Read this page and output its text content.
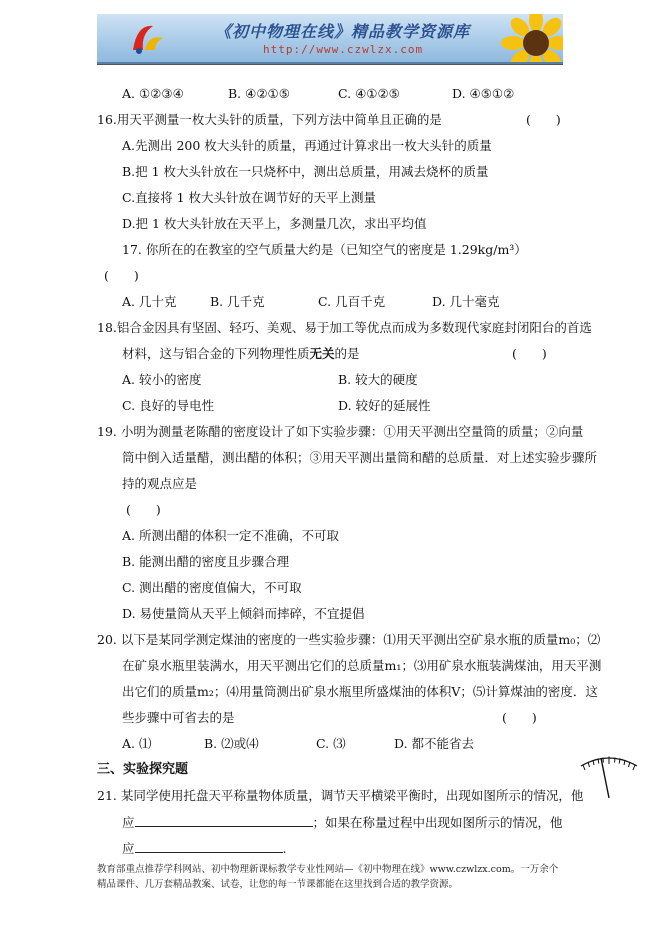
《初中物理在线》精品教学资源库
http://www.czwlzx.com
A. ①②③④	B. ④②①⑤	C. ④①②⑤	D. ④⑤①②
16.用天平测量一枚大头针的质量，下列方法中简单且正确的是	(　　)
A.先测出 200 枚大头针的质量，再通过计算求出一枚大头针的质量
B.把 1 枚大头针放在一只烧杯中，测出总质量，用减去烧杯的质量
C.直接将 1 枚大头针放在调节好的天平上测量
D.把 1 枚大头针放在天平上，多测量几次，求出平均值
17. 你所在的在教室的空气质量大约是（已知空气的密度是 1.29kg/m³）
(　　)
A. 几十克	B. 几千克	C. 几百千克	D. 几十毫克
18.铝合金因具有坚固、轻巧、美观、易于加工等优点而成为多数现代家庭封闭阳台的首选
材料，这与铝合金的下列物理性质无关的是	(　　)
A. 较小的密度	B. 较大的硬度
C. 良好的导电性	D. 较好的延展性
19. 小明为测量老陈醋的密度设计了如下实验步骤：①用天平测出空量筒的质量；②向量
筒中倒入适量醋，测出醋的体积；③用天平测出量筒和醋的总质量．对上述实验步骤所
持的观点应是
(　　)
A. 所测出醋的体积一定不准确，不可取
B. 能测出醋的密度且步骤合理
C. 测出醋的密度值偏大，不可取
D. 易使量筒从天平上倾斜而摔碎，不宜提倡
20. 以下是某同学测定煤油的密度的一些实验步骤：⑴用天平测出空矿泉水瓶的质量m₀；⑵
在矿泉水瓶里装满水，用天平测出它们的总质量m₁；⑶用矿泉水瓶装满煤油，用天平测
出它们的质量m₂；⑷用量筒测出矿泉水瓶里所盛煤油的体积V；⑸计算煤油的密度．这
些步骤中可省去的是	(　　)
A. ⑴	B. ⑵或⑷	C. ⑶	D. 都不能省去
三、实验探究题
21. 某同学使用托盘天平称量物体质量，调节天平横梁平衡时，出现如图所示的情况，他
应	；如果在称量过程中出现如图所示的情况，他
应	.
教育部重点推荐学科网站、初中物理新课标教学专业性网站—《初中物理在线》www.czwlzx.com。一万余个精品课件、几万套精品教案、试卷，让您的每一节课都能在这里找到合适的教学资源。
